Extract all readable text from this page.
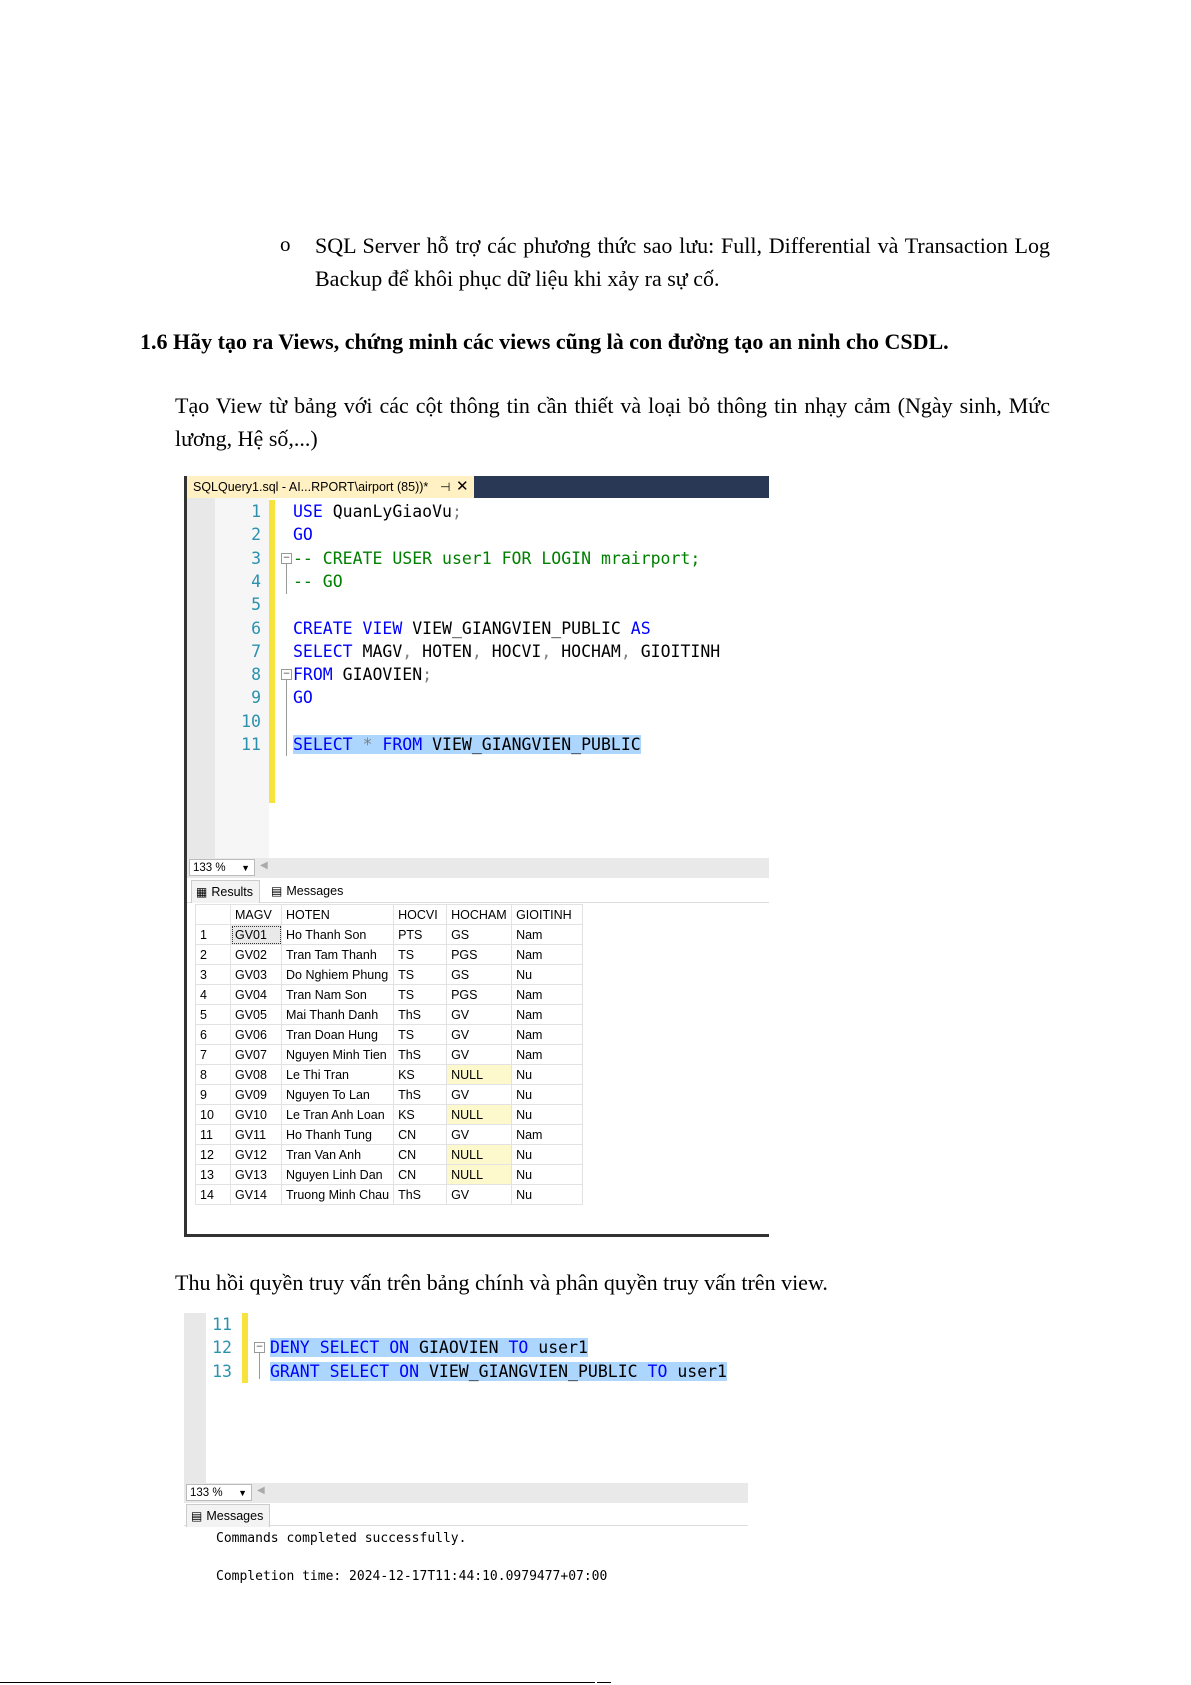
o SQL Server hỗ trợ các phương thức sao lưu: Full, Differential và Transaction Log Backup để khôi phục dữ liệu khi xảy ra sự cố.
1.6 Hãy tạo ra Views, chứng minh các views cũng là con đường tạo an ninh cho CSDL.
Tạo View từ bảng với các cột thông tin cần thiết và loại bỏ thông tin nhạy cảm (Ngày sinh, Mức lương, Hệ số,...)
SQLQuery1.sql - AI...RPORT\airport (85))* ⊣ ✕
133 % ▼ ◀
▦ Results	▤ Messages
	MAGV	HOTEN	HOCVI	HOCHAM	GIOITINH
1	GV01	Ho Thanh Son	PTS	GS	Nam
2	GV02	Tran Tam Thanh	TS	PGS	Nam
3	GV03	Do Nghiem Phung	TS	GS	Nu
4	GV04	Tran Nam Son	TS	PGS	Nam
5	GV05	Mai Thanh Danh	ThS	GV	Nam
6	GV06	Tran Doan Hung	TS	GV	Nam
7	GV07	Nguyen Minh Tien	ThS	GV	Nam
8	GV08	Le Thi Tran	KS	NULL	Nu
9	GV09	Nguyen To Lan	ThS	GV	Nu
10	GV10	Le Tran Anh Loan	KS	NULL	Nu
11	GV11	Ho Thanh Tung	CN	GV	Nam
12	GV12	Tran Van Anh	CN	NULL	Nu
13	GV13	Nguyen Linh Dan	CN	NULL	Nu
14	GV14	Truong Minh Chau	ThS	GV	Nu
1 USE QuanLyGiaoVu;
2 GO
3 -- CREATE USER user1 FOR LOGIN mrairport;
4 -- GO
5
6 CREATE VIEW VIEW_GIANGVIEN_PUBLIC AS
7 SELECT MAGV, HOTEN, HOCVI, HOCHAM, GIOITINH
8 FROM GIAOVIEN;
9 GO
10
11 SELECT * FROM VIEW_GIANGVIEN_PUBLIC
−
−
Thu hồi quyền truy vấn trên bảng chính và phân quyền truy vấn trên view.
133 % ▼ ◀
▤ Messages
Commands completed successfully.
Completion time: 2024-12-17T11:44:10.0979477+07:00
11
12 DENY SELECT ON GIAOVIEN TO user1
13 GRANT SELECT ON VIEW_GIANGVIEN_PUBLIC TO user1
−
